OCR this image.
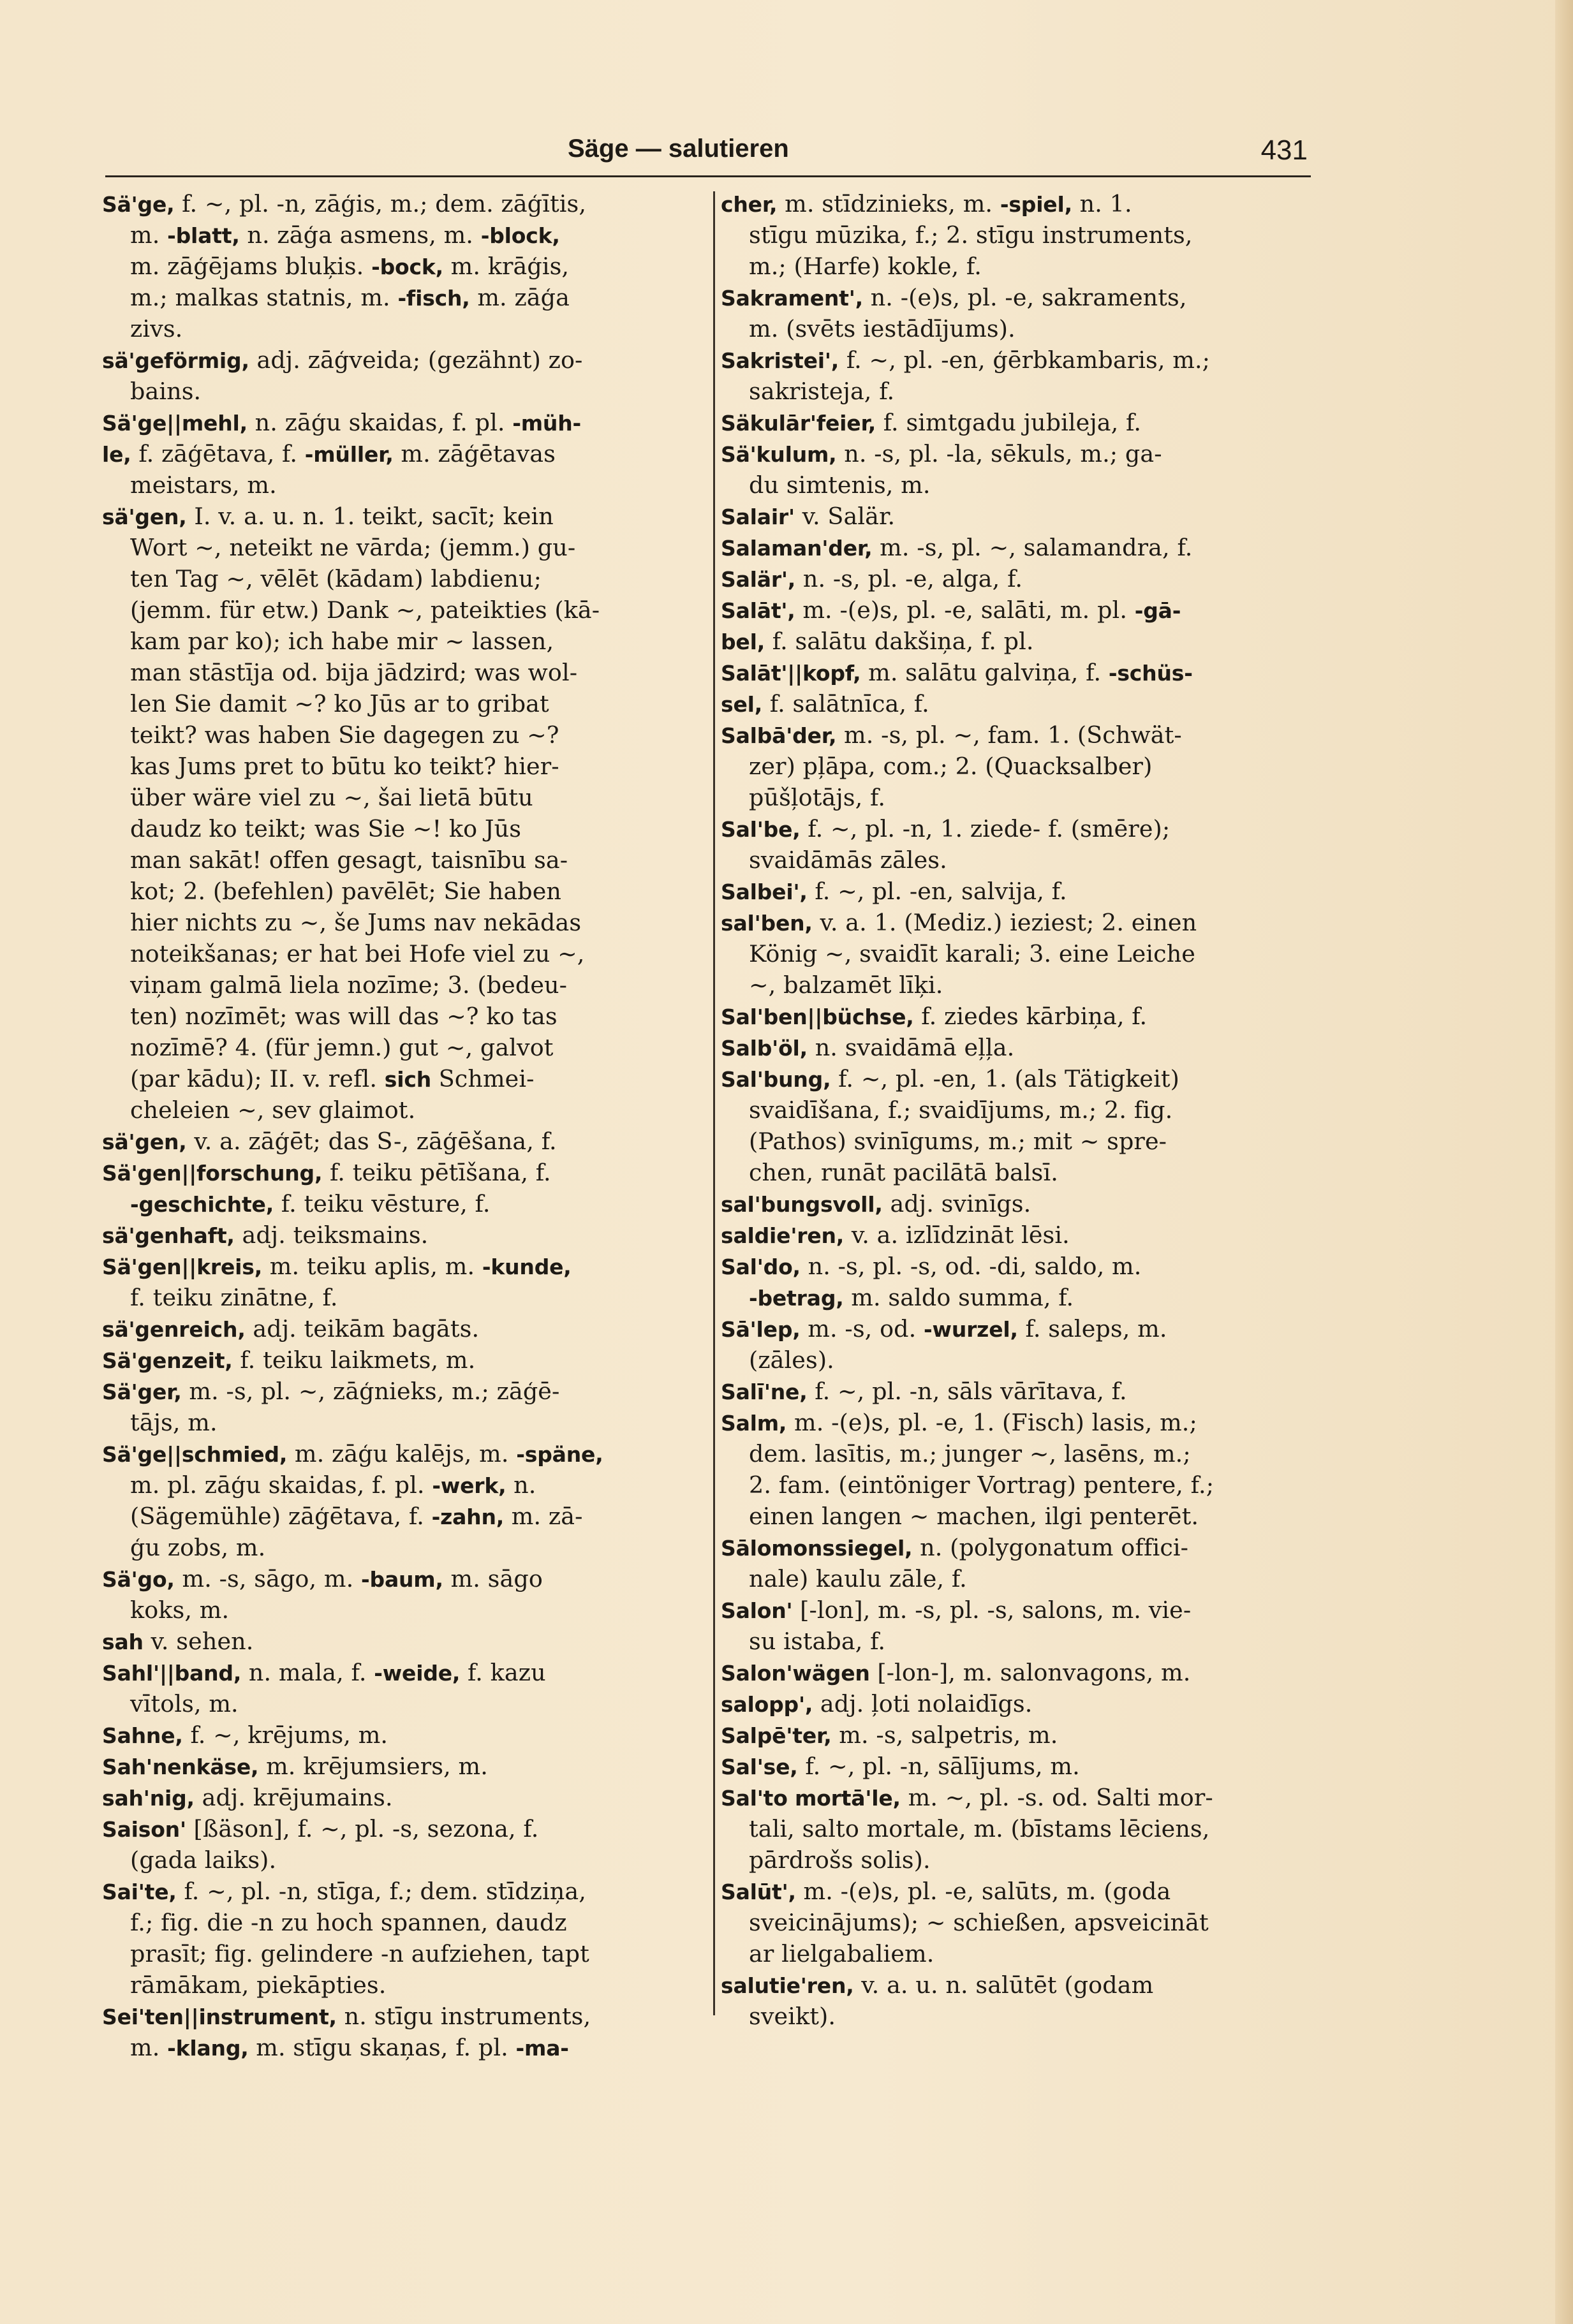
Säge — salutieren	431
Sä'ge, f. ∼, pl. -n, zāģis, m.; dem. zāģītis,
m. -blatt, n. zāģa asmens, m. -block,
m. zāģējams bluķis. -bock, m. krāģis,
m.; malkas statnis, m. -fisch, m. zāģa
zivs.
sä'geförmig, adj. zāģveida; (gezähnt) zo-
bains.
Sä'ge||mehl, n. zāģu skaidas, f. pl. -müh-
le, f. zāģētava, f. -müller, m. zāģētavas
meistars, m.
sä'gen, I. v. a. u. n. 1. teikt, sacīt; kein
Wort ∼, neteikt ne vārda; (jemm.) gu-
ten Tag ∼, vēlēt (kādam) labdienu;
(jemm. für etw.) Dank ∼, pateikties (kā-
kam par ko); ich habe mir ∼ lassen,
man stāstīja od. bija jādzird; was wol-
len Sie damit ∼? ko Jūs ar to gribat
teikt? was haben Sie dagegen zu ∼?
kas Jums pret to būtu ko teikt? hier-
über wäre viel zu ∼, šai lietā būtu
daudz ko teikt; was Sie ∼! ko Jūs
man sakāt! offen gesagt, taisnību sa-
kot; 2. (befehlen) pavēlēt; Sie haben
hier nichts zu ∼, še Jums nav nekādas
noteikšanas; er hat bei Hofe viel zu ∼,
viņam galmā liela nozīme; 3. (bedeu-
ten) nozīmēt; was will das ∼? ko tas
nozīmē? 4. (für jemn.) gut ∼, galvot
(par kādu); II. v. refl. sich Schmei-
cheleien ∼, sev glaimot.
sä'gen, v. a. zāģēt; das S-, zāģēšana, f.
Sä'gen||forschung, f. teiku pētīšana, f.
-geschichte, f. teiku vēsture, f.
sä'genhaft, adj. teiksmains.
Sä'gen||kreis, m. teiku aplis, m. -kunde,
f. teiku zinātne, f.
sä'genreich, adj. teikām bagāts.
Sä'genzeit, f. teiku laikmets, m.
Sä'ger, m. -s, pl. ∼, zāģnieks, m.; zāģē-
tājs, m.
Sä'ge||schmied, m. zāģu kalējs, m. -späne,
m. pl. zāģu skaidas, f. pl. -werk, n.
(Sägemühle) zāģētava, f. -zahn, m. zā-
ģu zobs, m.
Sä'go, m. -s, sāgo, m. -baum, m. sāgo
koks, m.
sah v. sehen.
Sahl'||band, n. mala, f. -weide, f. kazu
vītols, m.
Sahne, f. ∼, krējums, m.
Sah'nenkäse, m. krējumsiers, m.
sah'nig, adj. krējumains.
Saison' [ßäson], f. ∼, pl. -s, sezona, f.
(gada laiks).
Sai'te, f. ∼, pl. -n, stīga, f.; dem. stīdziņa,
f.; fig. die -n zu hoch spannen, daudz
prasīt; fig. gelindere -n aufziehen, tapt
rāmākam, piekāpties.
Sei'ten||instrument, n. stīgu instruments,
m. -klang, m. stīgu skaņas, f. pl. -ma-
cher, m. stīdzinieks, m. -spiel, n. 1.
stīgu mūzika, f.; 2. stīgu instruments,
m.; (Harfe) kokle, f.
Sakrament', n. -(e)s, pl. -e, sakraments,
m. (svēts iestādījums).
Sakristei', f. ∼, pl. -en, ģērbkambaris, m.;
sakristeja, f.
Säkulār'feier, f. simtgadu jubileja, f.
Sä'kulum, n. -s, pl. -la, sēkuls, m.; ga-
du simtenis, m.
Salair' v. Salär.
Salaman'der, m. -s, pl. ∼, salamandra, f.
Salär', n. -s, pl. -e, alga, f.
Salāt', m. -(e)s, pl. -e, salāti, m. pl. -gā-
bel, f. salātu dakšiņa, f. pl.
Salāt'||kopf, m. salātu galviņa, f. -schüs-
sel, f. salātnīca, f.
Salbā'der, m. -s, pl. ∼, fam. 1. (Schwät-
zer) pļāpa, com.; 2. (Quacksalber)
pūšļotājs, f.
Sal'be, f. ∼, pl. -n, 1. ziede- f. (smēre);
svaidāmās zāles.
Salbei', f. ∼, pl. -en, salvija, f.
sal'ben, v. a. 1. (Mediz.) ieziest; 2. einen
König ∼, svaidīt karali; 3. eine Leiche
∼, balzamēt līķi.
Sal'ben||büchse, f. ziedes kārbiņa, f.
Salb'öl, n. svaidāmā eļļa.
Sal'bung, f. ∼, pl. -en, 1. (als Tätigkeit)
svaidīšana, f.; svaidījums, m.; 2. fig.
(Pathos) svinīgums, m.; mit ∼ spre-
chen, runāt pacilātā balsī.
sal'bungsvoll, adj. svinīgs.
saldie'ren, v. a. izlīdzināt lēsi.
Sal'do, n. -s, pl. -s, od. -di, saldo, m.
-betrag, m. saldo summa, f.
Sā'lep, m. -s, od. -wurzel, f. saleps, m.
(zāles).
Salī'ne, f. ∼, pl. -n, sāls vārītava, f.
Salm, m. -(e)s, pl. -e, 1. (Fisch) lasis, m.;
dem. lasītis, m.; junger ∼, lasēns, m.;
2. fam. (eintöniger Vortrag) pentere, f.;
einen langen ∼ machen, ilgi penterēt.
Sālomonssiegel, n. (polygonatum offici-
nale) kaulu zāle, f.
Salon' [-lon], m. -s, pl. -s, salons, m. vie-
su istaba, f.
Salon'wägen [-lon-], m. salonvagons, m.
salopp', adj. ļoti nolaidīgs.
Salpē'ter, m. -s, salpetris, m.
Sal'se, f. ∼, pl. -n, sālījums, m.
Sal'to mortā'le, m. ∼, pl. -s. od. Salti mor-
tali, salto mortale, m. (bīstams lēciens,
pārdrošs solis).
Salūt', m. -(e)s, pl. -e, salūts, m. (goda
sveicinājums); ∼ schießen, apsveicināt
ar lielgabaliem.
salutie'ren, v. a. u. n. salūtēt (godam
sveikt).
